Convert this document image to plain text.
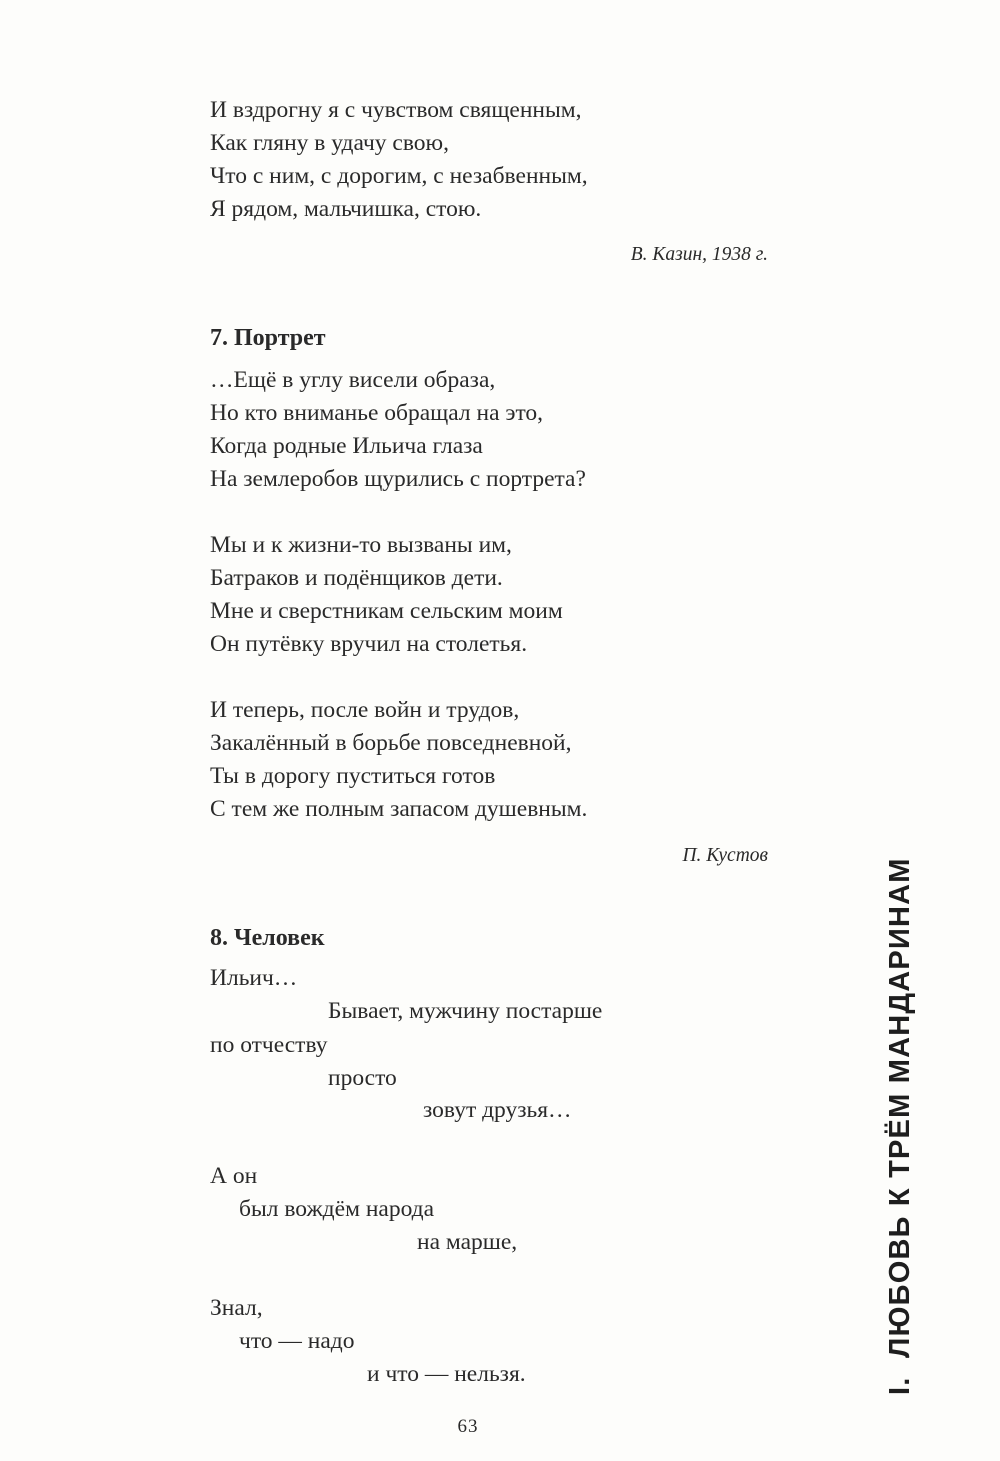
И вздрогну я с чувством священным,
Как гляну в удачу свою,
Что с ним, с дорогим, с незабвенным,
Я рядом, мальчишка, стою.
В. Казин, 1938 г.
7. Портрет
…Ещё в углу висели образа,
Но кто вниманье обращал на это,
Когда родные Ильича глаза
На землеробов щурились с портрета?
Мы и к жизни-то вызваны им,
Батраков и подёнщиков дети.
Мне и сверстникам сельским моим
Он путёвку вручил на столетья.
И теперь, после войн и трудов,
Закалённый в борьбе повседневной,
Ты в дорогу пуститься готов
С тем же полным запасом душевным.
П. Кустов
8. Человек
Ильич…
Бывает, мужчину постарше
по отчеству
просто
зовут друзья…
А он
был вождём народа
на марше,
Знал,
что — надо
и что — нельзя.
63
I.  ЛЮБОВЬ К ТРЁМ МАНДАРИНАМ
